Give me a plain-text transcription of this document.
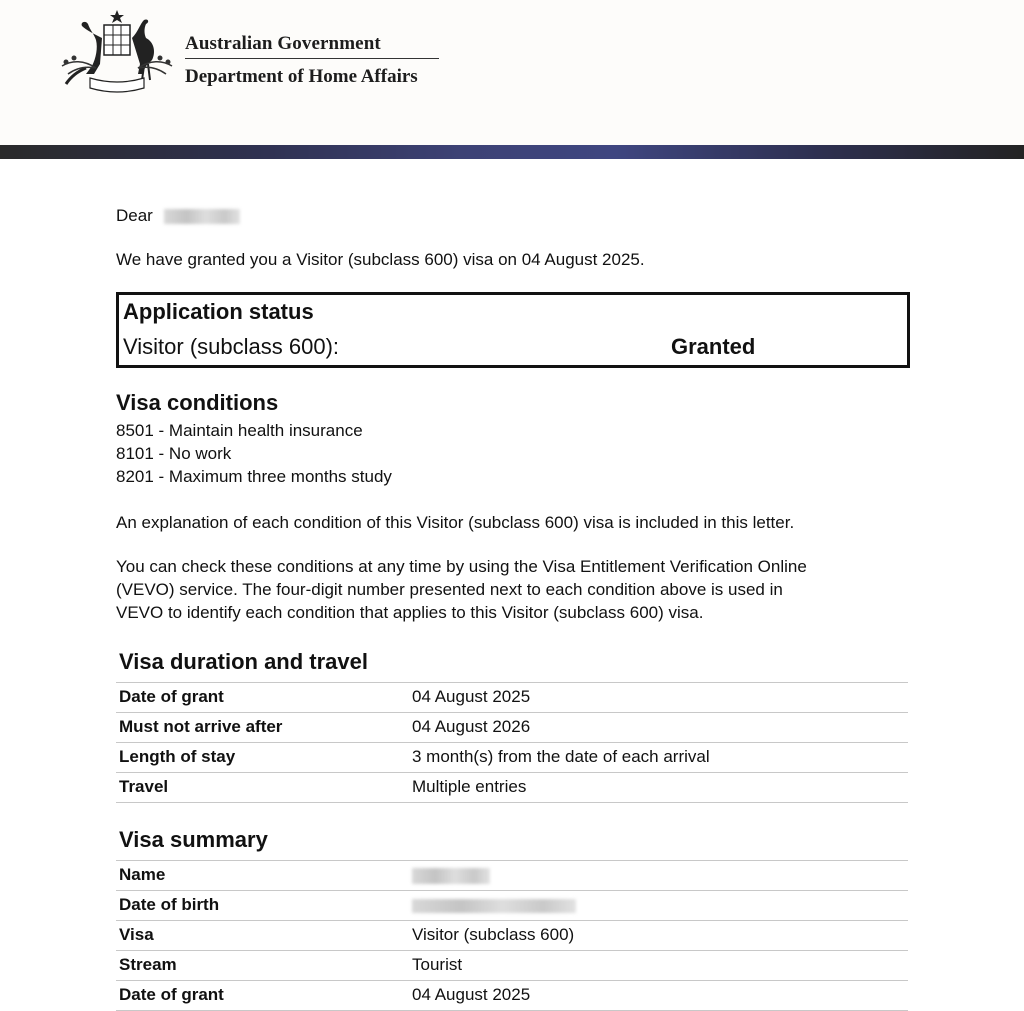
Australian Government
Department of Home Affairs
Dear
We have granted you a Visitor (subclass 600) visa on 04 August 2025.
Application status
Visitor (subclass 600):	Granted
Visa conditions
8501 - Maintain health insurance
8101 - No work
8201 - Maximum three months study
An explanation of each condition of this Visitor (subclass 600) visa is included in this letter.
You can check these conditions at any time by using the Visa Entitlement Verification Online
(VEVO) service. The four-digit number presented next to each condition above is used in
VEVO to identify each condition that applies to this Visitor (subclass 600) visa.
Visa duration and travel
Date of grant	04 August 2025
Must not arrive after	04 August 2026
Length of stay	3 month(s) from the date of each arrival
Travel	Multiple entries
Visa summary
Name
Date of birth
Visa	Visitor (subclass 600)
Stream	Tourist
Date of grant	04 August 2025
